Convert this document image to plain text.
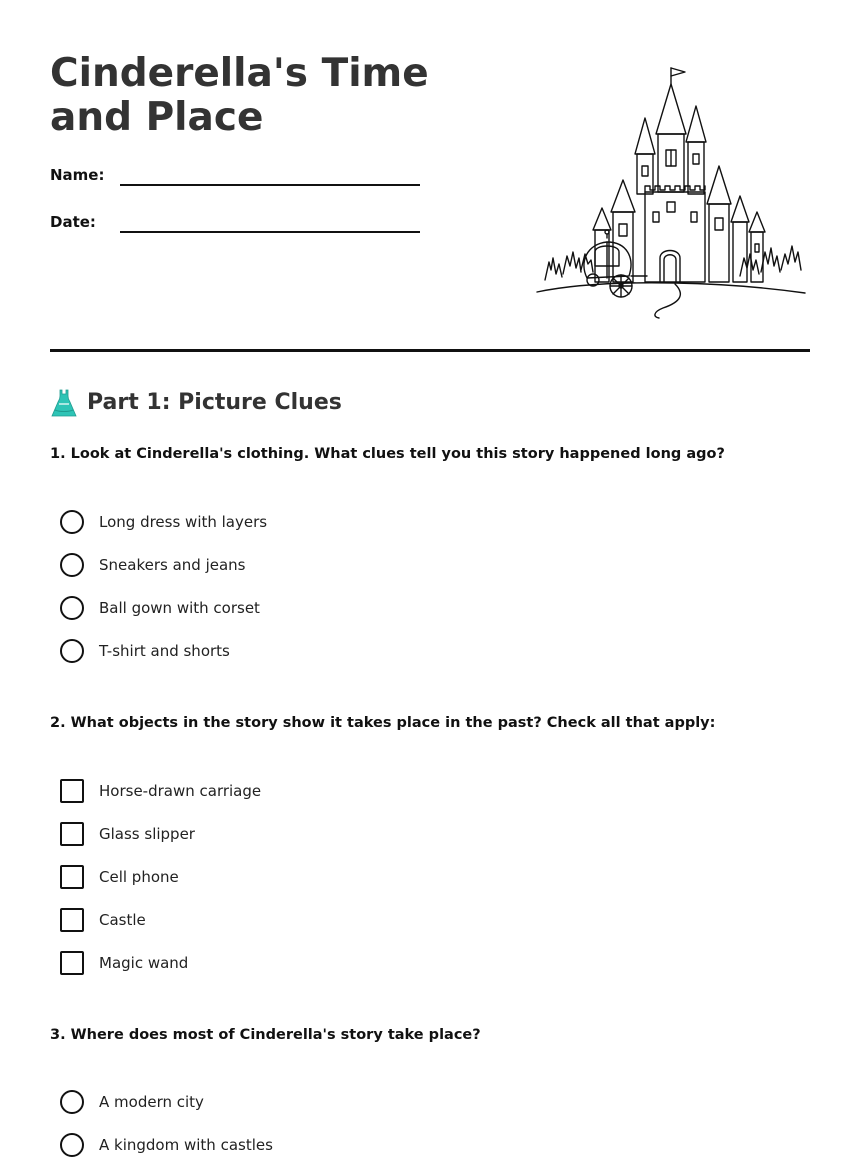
Cinderella's Time and Place
Name:
Date:
Part 1: Picture Clues

1. Look at Cinderella's clothing. What clues tell you this story happened long ago?

Long dress with layers
Sneakers and jeans
Ball gown with corset
T-shirt and shorts

2. What objects in the story show it takes place in the past? Check all that apply:

Horse-drawn carriage
Glass slipper
Cell phone
Castle
Magic wand

3. Where does most of Cinderella's story take place?

A modern city
A kingdom with castles
